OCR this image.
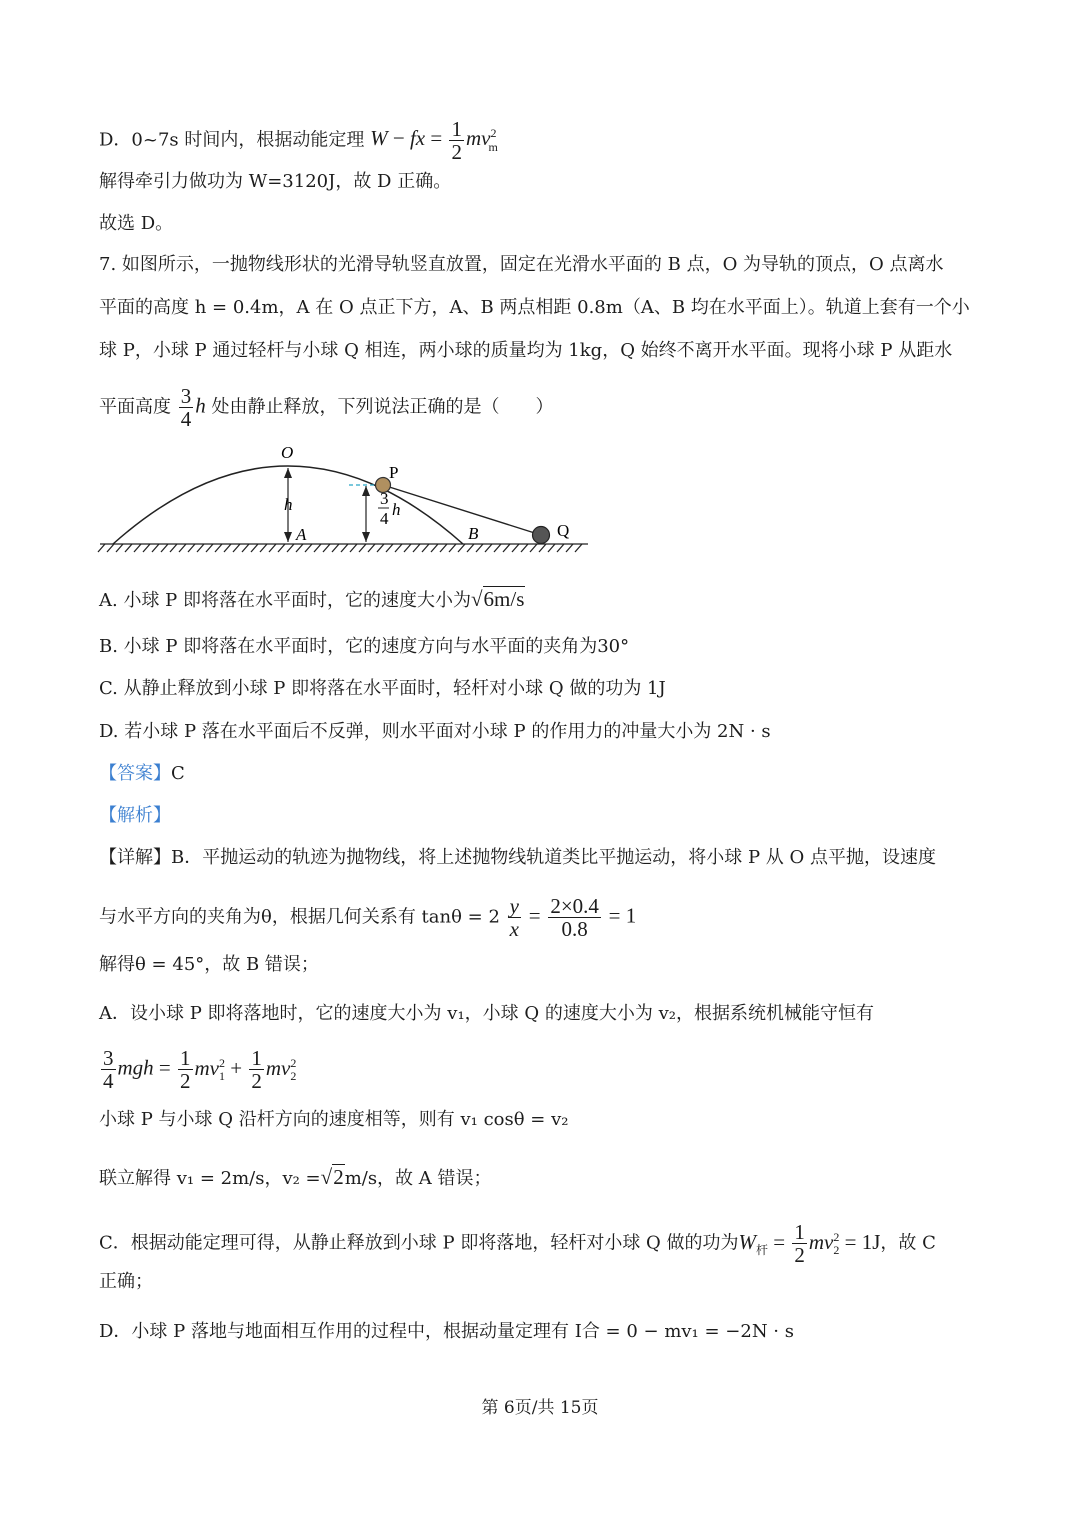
D．0~7s 时间内，根据动能定理 W − fx = $\frac{1}{2} mv^2_m$
解得牵引力做功为 W=3120J，故 D 正确。
故选 D。
7. 如图所示，一抛物线形状的光滑导轨竖直放置，固定在光滑水平面的 B 点，O 为导轨的顶点，O 点离水
平面的高度 h = 0.4m，A 在 O 点正下方，A、B 两点相距 0.8m（A、B 均在水平面上）。轨道上套有一个小
球 P，小球 P 通过轻杆与小球 Q 相连，两小球的质量均为 1kg，Q 始终不离开水平面。现将小球 P 从距水
平面高度 $\frac{3}{4}$ h 处由静止释放，下列说法正确的是（　　）
O
P
h
A	B	Q
3
4 h
A. 小球 P 即将落在水平面时，它的速度大小为√6m/s
B. 小球 P 即将落在水平面时，它的速度方向与水平面的夹角为30°
C. 从静止释放到小球 P 即将落在水平面时，轻杆对小球 Q 做的功为 1J
D. 若小球 P 落在水平面后不反弹，则水平面对小球 P 的作用力的冲量大小为 2N · s
【答案】C
【解析】
【详解】B．平抛运动的轨迹为抛物线，将上述抛物线轨道类比平抛运动，将小球 P 从 O 点平抛，设速度
与水平方向的夹角为θ，根据几何关系有 $\tan\theta = 2 \frac{y}{x} = \frac{2\times 0.4}{0.8} = 1$
解得θ = 45°，故 B 错误；
A．设小球 P 即将落地时，它的速度大小为 v₁，小球 Q 的速度大小为 v₂，根据系统机械能守恒有
$\frac{3}{4}$ mgh = $\frac{1}{2} mv_1^2 + \frac{1}{2} mv_2^2$
小球 P 与小球 Q 沿杆方向的速度相等，则有 v₁ cosθ = v₂
联立解得 v₁ = 2m/s，v₂ =√2m/s，故 A 错误；
C．根据动能定理可得，从静止释放到小球 P 即将落地，轻杆对小球 Q 做的功为$W_杆 = \frac{1}{2} mv_2^2 = 1J$，故 C
正确；
D．小球 P 落地与地面相互作用的过程中，根据动量定理有 I合 = 0 − mv₁ = −2N · s
第 6页/共 15页
